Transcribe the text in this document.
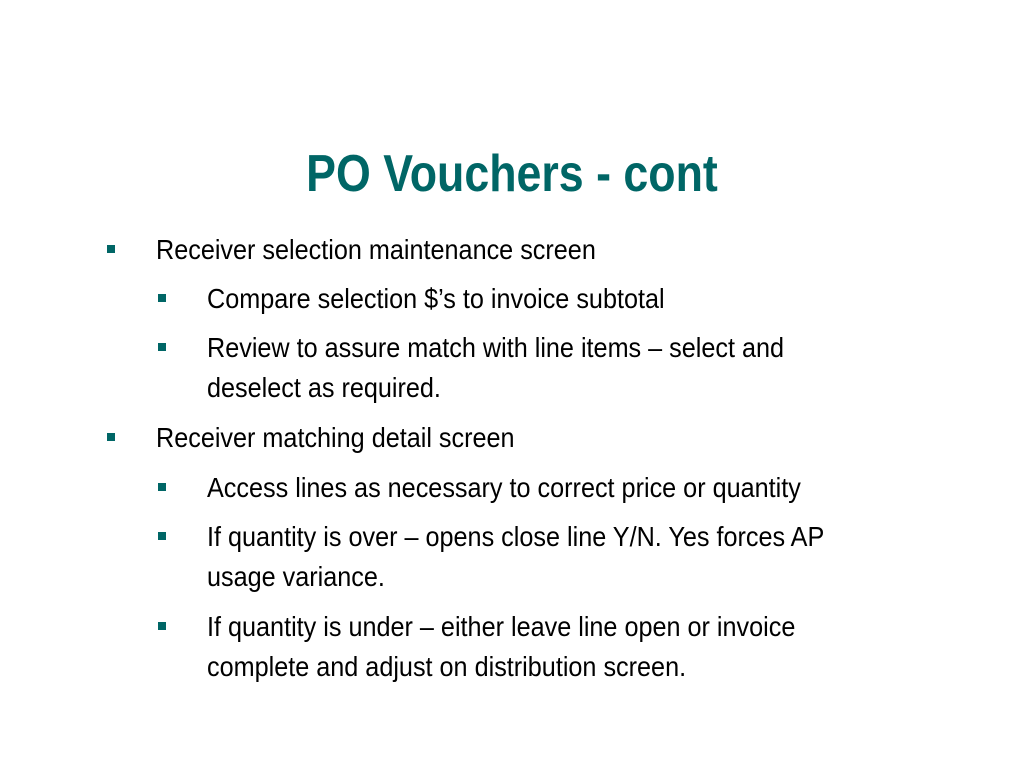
PO Vouchers - cont
Receiver selection maintenance screen
Compare selection $’s to invoice subtotal
Review to assure match with line items – select and
deselect as required.
Receiver matching detail screen
Access lines as necessary to correct price or quantity
If quantity is over – opens close line Y/N. Yes forces AP
usage variance.
If quantity is under – either leave line open or invoice
complete and adjust on distribution screen.
